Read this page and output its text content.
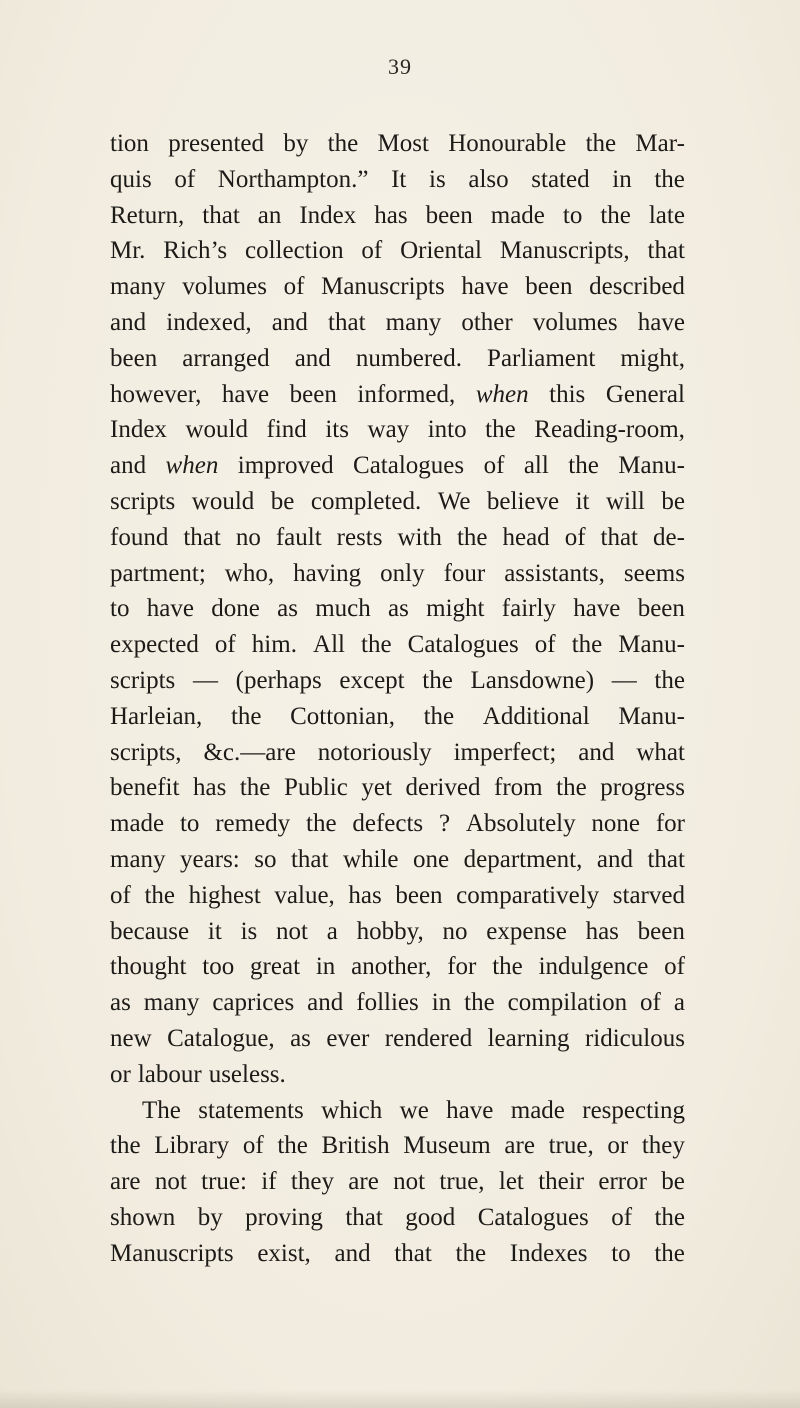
39
tion presented by the Most Honourable the Mar-
quis of Northampton.” It is also stated in the
Return, that an Index has been made to the late
Mr. Rich’s collection of Oriental Manuscripts, that
many volumes of Manuscripts have been described
and indexed, and that many other volumes have
been arranged and numbered. Parliament might,
however, have been informed, when this General
Index would find its way into the Reading-room,
and when improved Catalogues of all the Manu-
scripts would be completed. We believe it will be
found that no fault rests with the head of that de-
partment; who, having only four assistants, seems
to have done as much as might fairly have been
expected of him. All the Catalogues of the Manu-
scripts — (perhaps except the Lansdowne) — the
Harleian, the Cottonian, the Additional Manu-
scripts, &c.—are notoriously imperfect; and what
benefit has the Public yet derived from the progress
made to remedy the defects ? Absolutely none for
many years: so that while one department, and that
of the highest value, has been comparatively starved
because it is not a hobby, no expense has been
thought too great in another, for the indulgence of
as many caprices and follies in the compilation of a
new Catalogue, as ever rendered learning ridiculous
or labour useless.
The statements which we have made respecting
the Library of the British Museum are true, or they
are not true: if they are not true, let their error be
shown by proving that good Catalogues of the
Manuscripts exist, and that the Indexes to the
